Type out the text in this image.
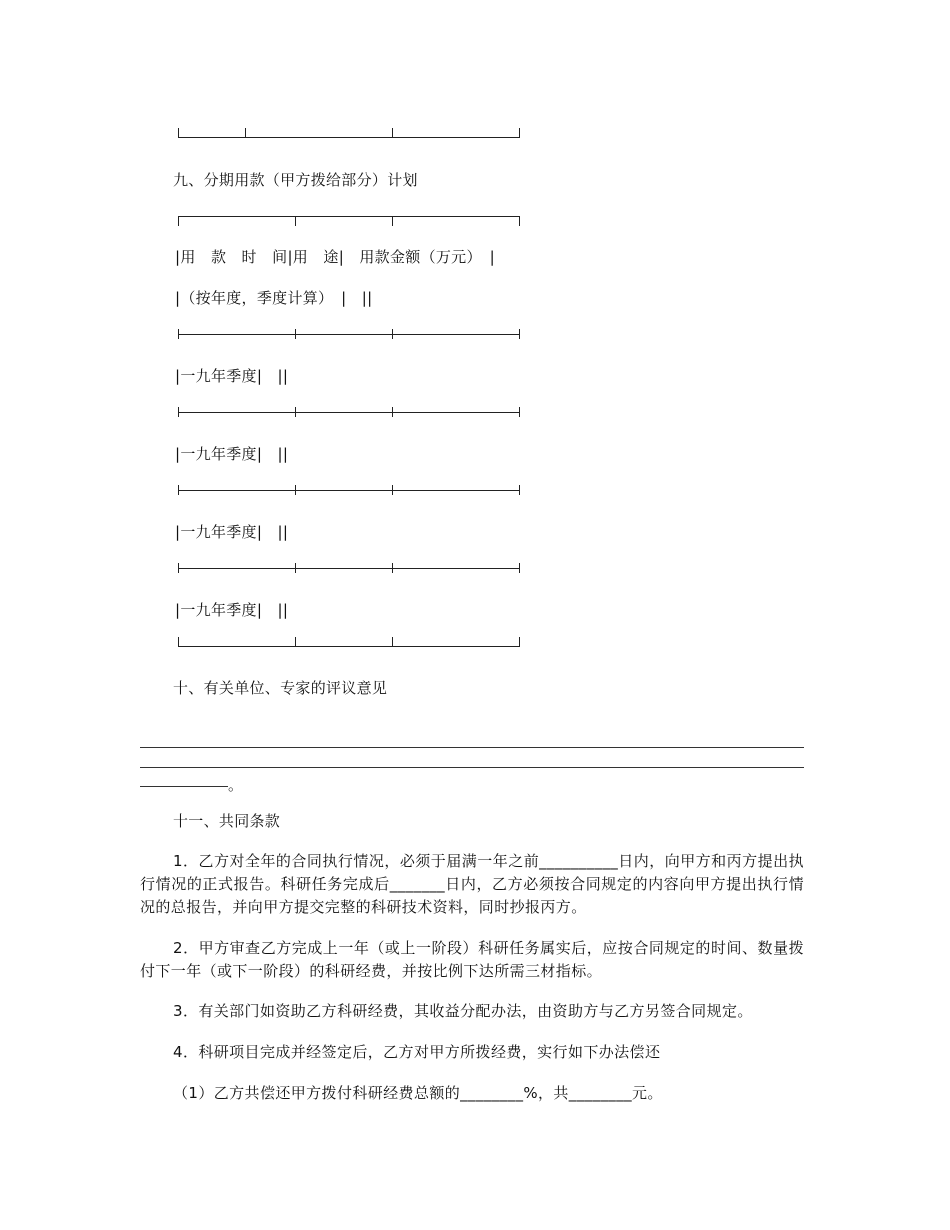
九、分期用款（甲方拨给部分）计划
|用　款　时　间|用　途|　用款金额（万元）　|
|（按年度，季度计算）　|　||
|一九年季度|　||
|一九年季度|　||
|一九年季度|　||
|一九年季度|　||
十、有关单位、专家的评议意见
。
十一、共同条款
1．乙方对全年的合同执行情况，必须于届满一年之前__________日内，向甲方和丙方提出执行情况的正式报告。科研任务完成后_______日内，乙方必须按合同规定的内容向甲方提出执行情况的总报告，并向甲方提交完整的科研技术资料，同时抄报丙方。
2．甲方审查乙方完成上一年（或上一阶段）科研任务属实后，应按合同规定的时间、数量拨付下一年（或下一阶段）的科研经费，并按比例下达所需三材指标。
3．有关部门如资助乙方科研经费，其收益分配办法，由资助方与乙方另签合同规定。
4．科研项目完成并经签定后，乙方对甲方所拨经费，实行如下办法偿还
（1）乙方共偿还甲方拨付科研经费总额的________%，共________元。
